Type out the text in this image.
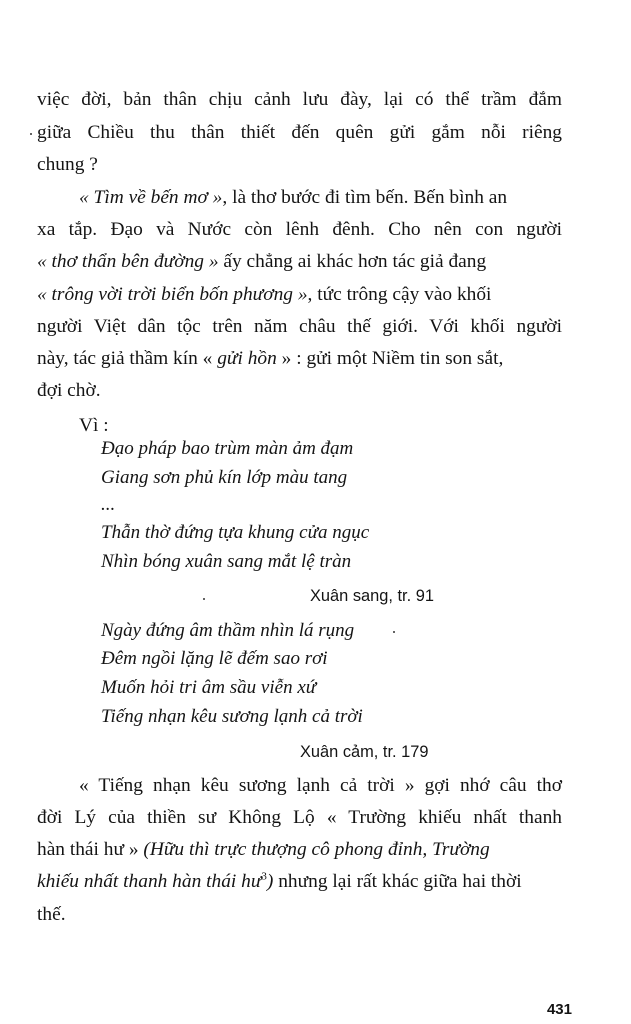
việc đời, bản thân chịu cảnh lưu đày, lại có thể trầm đắm
giữa Chiều thu thân thiết đến quên gửi gắm nỗi riêng
chung ?
« Tìm về bến mơ », là thơ bước đi tìm bến. Bến bình an
xa tắp. Đạo và Nước còn lênh đênh. Cho nên con người
« thơ thẩn bên đường » ấy chẳng ai khác hơn tác giả đang
« trông vời trời biển bốn phương », tức trông cậy vào khối
người Việt dân tộc trên năm châu thế giới. Với khối người
này, tác giả thầm kín « gửi hồn » : gửi một Niềm tin son sắt,
đợi chờ.
Vì :
Đạo pháp bao trùm màn ảm đạm
Giang sơn phủ kín lớp màu tang
...
Thẫn thờ đứng tựa khung cửa ngục
Nhìn bóng xuân sang mắt lệ tràn
Xuân sang, tr. 91
Ngày đứng âm thầm nhìn lá rụng
Đêm ngồi lặng lẽ đếm sao rơi
Muốn hỏi tri âm sầu viễn xứ
Tiếng nhạn kêu sương lạnh cả trời
Xuân cảm, tr. 179
« Tiếng nhạn kêu sương lạnh cả trời » gợi nhớ câu thơ
đời Lý của thiền sư Không Lộ « Trường khiếu nhất thanh
hàn thái hư » (Hữu thì trực thượng cô phong đỉnh, Trường
khiếu nhất thanh hàn thái $hư^3$) nhưng lại rất khác giữa hai thời
thế.
431
